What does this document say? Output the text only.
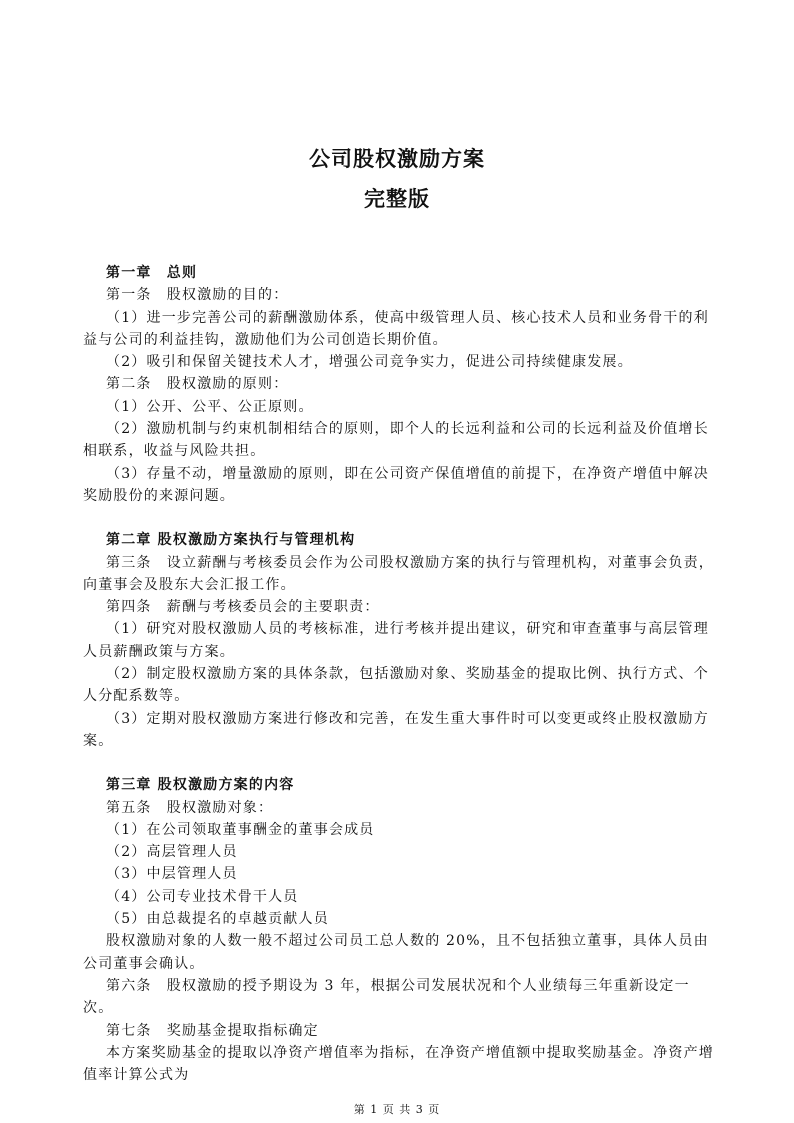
公司股权激励方案
完整版

第一章　总则

第一条　股权激励的目的：

（1）进一步完善公司的薪酬激励体系，使高中级管理人员、核心技术人员和业务骨干的利益与公司的利益挂钩，激励他们为公司创造长期价值。

（2）吸引和保留关键技术人才，增强公司竞争实力，促进公司持续健康发展。

第二条　股权激励的原则：

（1）公开、公平、公正原则。

（2）激励机制与约束机制相结合的原则，即个人的长远利益和公司的长远利益及价值增长相联系，收益与风险共担。

（3）存量不动，增量激励的原则，即在公司资产保值增值的前提下，在净资产增值中解决奖励股份的来源问题。

第二章 股权激励方案执行与管理机构

第三条　设立薪酬与考核委员会作为公司股权激励方案的执行与管理机构，对董事会负责，向董事会及股东大会汇报工作。

第四条　薪酬与考核委员会的主要职责：

（1）研究对股权激励人员的考核标准，进行考核并提出建议，研究和审查董事与高层管理人员薪酬政策与方案。

（2）制定股权激励方案的具体条款，包括激励对象、奖励基金的提取比例、执行方式、个人分配系数等。

（3）定期对股权激励方案进行修改和完善，在发生重大事件时可以变更或终止股权激励方案。

第三章 股权激励方案的内容

第五条　股权激励对象：

（1）在公司领取董事酬金的董事会成员

（2）高层管理人员

（3）中层管理人员

（4）公司专业技术骨干人员

（5）由总裁提名的卓越贡献人员

股权激励对象的人数一般不超过公司员工总人数的 20%，且不包括独立董事，具体人员由公司董事会确认。

第六条　股权激励的授予期设为 3 年，根据公司发展状况和个人业绩每三年重新设定一次。

第七条　奖励基金提取指标确定

本方案奖励基金的提取以净资产增值率为指标，在净资产增值额中提取奖励基金。净资产增值率计算公式为

第 1 页 共 3 页
